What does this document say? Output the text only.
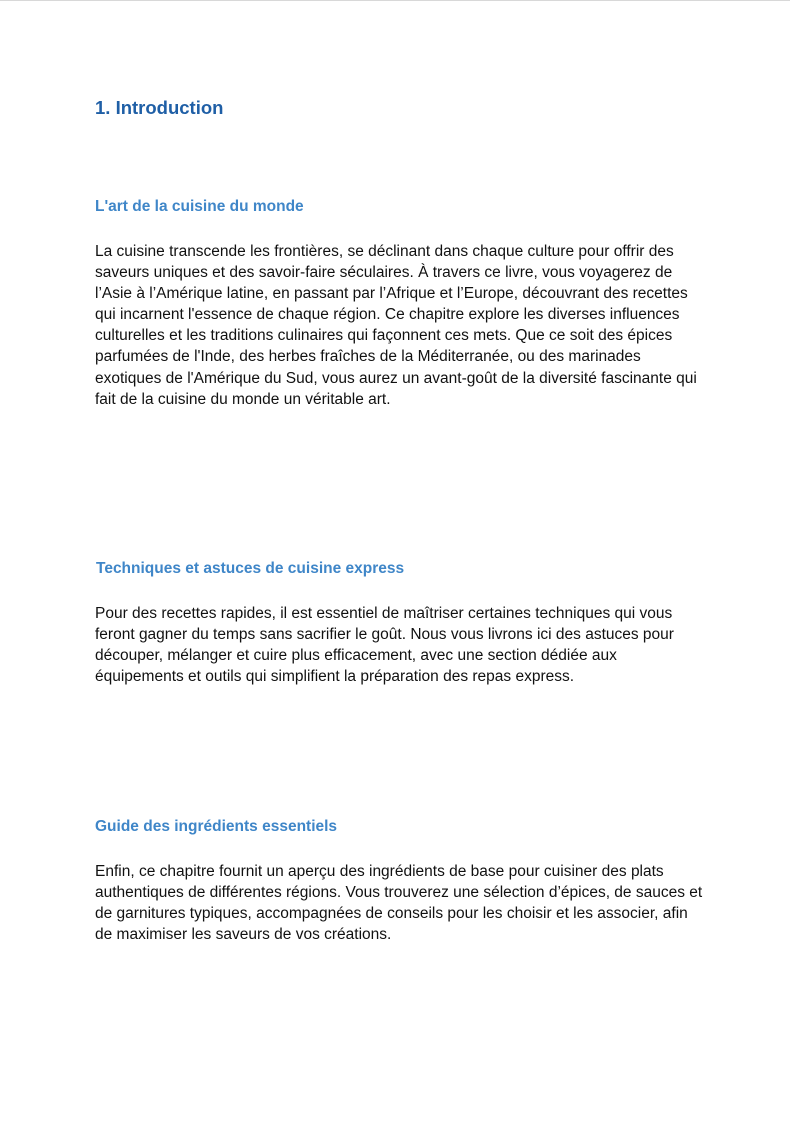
1. Introduction
L'art de la cuisine du monde

La cuisine transcende les frontières, se déclinant dans chaque culture pour offrir des saveurs uniques et des savoir-faire séculaires. À travers ce livre, vous voyagerez de l’Asie à l’Amérique latine, en passant par l’Afrique et l’Europe, découvrant des recettes qui incarnent l'essence de chaque région. Ce chapitre explore les diverses influences culturelles et les traditions culinaires qui façonnent ces mets. Que ce soit des épices parfumées de l'Inde, des herbes fraîches de la Méditerranée, ou des marinades exotiques de l'Amérique du Sud, vous aurez un avant-goût de la diversité fascinante qui fait de la cuisine du monde un véritable art.

Techniques et astuces de cuisine express

Pour des recettes rapides, il est essentiel de maîtriser certaines techniques qui vous feront gagner du temps sans sacrifier le goût. Nous vous livrons ici des astuces pour découper, mélanger et cuire plus efficacement, avec une section dédiée aux équipements et outils qui simplifient la préparation des repas express.

Guide des ingrédients essentiels

Enfin, ce chapitre fournit un aperçu des ingrédients de base pour cuisiner des plats authentiques de différentes régions. Vous trouverez une sélection d’épices, de sauces et de garnitures typiques, accompagnées de conseils pour les choisir et les associer, afin de maximiser les saveurs de vos créations.
